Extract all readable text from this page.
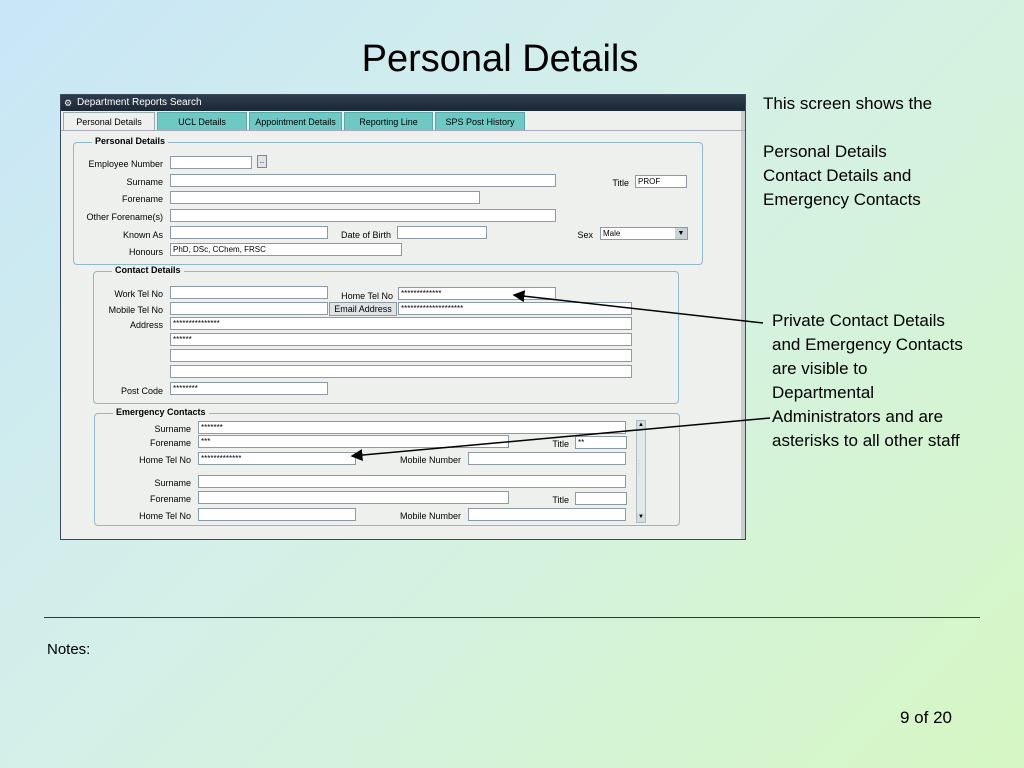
Personal Details
This screen shows the
Personal Details
Contact Details and
Emergency Contacts
Private Contact Details
and Emergency Contacts
are visible to
Departmental
Administrators and are
asterisks to all other staff
⚙ Department Reports Search
Personal Details	UCL Details	Appointment Details	Reporting Line	SPS Post History
Personal Details
Employee Number	..
Surname	Title	PROF
Forename
Other Forename(s)
Known As	Date of Birth	Sex	Male	▼
Honours	PhD, DSc, CChem, FRSC
Contact Details
Work Tel No	Home Tel No	*************
Mobile Tel No	Email Address	********************
Address	***************
******
Post Code	********
Emergency Contacts
Surname	*******
Forename	***	Title	**
Home Tel No	*************	Mobile Number
Surname
Forename	Title
Home Tel No	Mobile Number
▲
:
:
:
▼
Notes:
9 of 20
